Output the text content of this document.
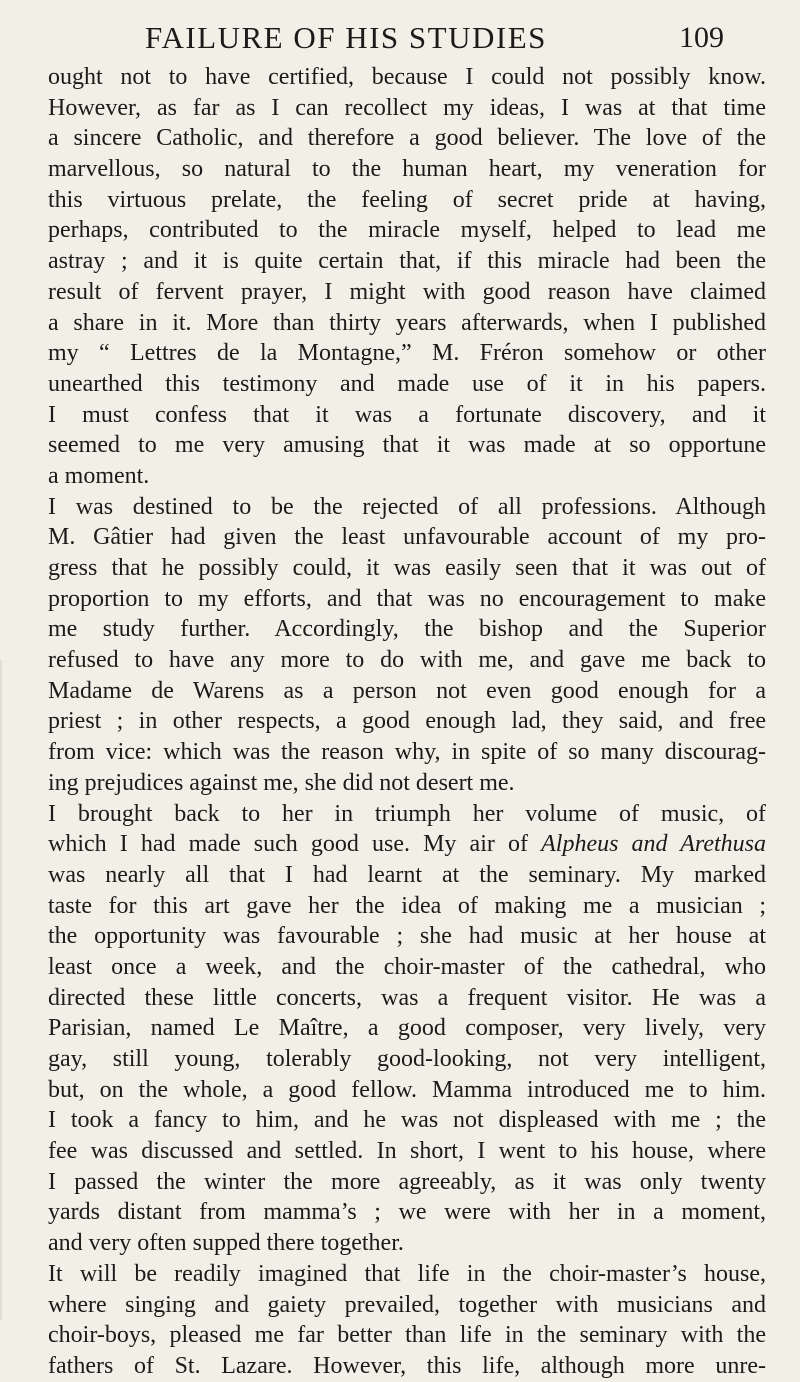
FAILURE OF HIS STUDIES	109
ought not to have certified, because I could not possibly know.
However, as far as I can recollect my ideas, I was at that time
a sincere Catholic, and therefore a good believer. The love of the
marvellous, so natural to the human heart, my veneration for
this virtuous prelate, the feeling of secret pride at having,
perhaps, contributed to the miracle myself, helped to lead me
astray ; and it is quite certain that, if this miracle had been the
result of fervent prayer, I might with good reason have claimed
a share in it. More than thirty years afterwards, when I published
my “ Lettres de la Montagne,” M. Fréron somehow or other
unearthed this testimony and made use of it in his papers.
I must confess that it was a fortunate discovery, and it
seemed to me very amusing that it was made at so opportune
a moment.
I was destined to be the rejected of all professions. Although
M. Gâtier had given the least unfavourable account of my pro-
gress that he possibly could, it was easily seen that it was out of
proportion to my efforts, and that was no encouragement to make
me study further. Accordingly, the bishop and the Superior
refused to have any more to do with me, and gave me back to
Madame de Warens as a person not even good enough for a
priest ; in other respects, a good enough lad, they said, and free
from vice: which was the reason why, in spite of so many discourag-
ing prejudices against me, she did not desert me.
I brought back to her in triumph her volume of music, of
which I had made such good use. My air of Alpheus and Arethusa
was nearly all that I had learnt at the seminary. My marked
taste for this art gave her the idea of making me a musician ;
the opportunity was favourable ; she had music at her house at
least once a week, and the choir-master of the cathedral, who
directed these little concerts, was a frequent visitor. He was a
Parisian, named Le Maître, a good composer, very lively, very
gay, still young, tolerably good-looking, not very intelligent,
but, on the whole, a good fellow. Mamma introduced me to him.
I took a fancy to him, and he was not displeased with me ; the
fee was discussed and settled. In short, I went to his house, where
I passed the winter the more agreeably, as it was only twenty
yards distant from mamma’s ; we were with her in a moment,
and very often supped there together.
It will be readily imagined that life in the choir-master’s house,
where singing and gaiety prevailed, together with musicians and
choir-boys, pleased me far better than life in the seminary with the
fathers of St. Lazare. However, this life, although more unre-
